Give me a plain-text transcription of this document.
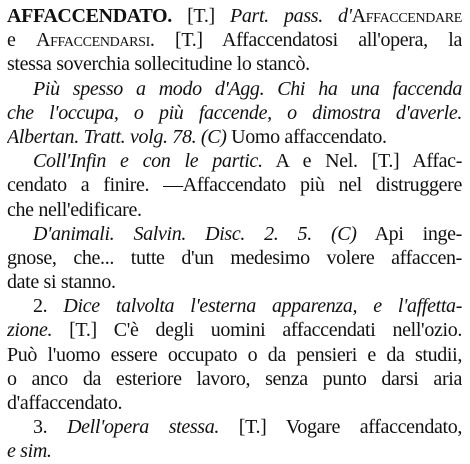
AFFACCENDATO. [T.] Part. pass. d'Affaccendare
e Affaccendarsi. [T.] Affaccendatosi all'opera, la
stessa soverchia sollecitudine lo stancò.
Più spesso a modo d'Agg. Chi ha una faccenda
che l'occupa, o più faccende, o dimostra d'averle.
Albertan. Tratt. volg. 78. (C) Uomo affaccendato.
Coll'Infin e con le partic. A e Nel. [T.] Affac-
cendato a finire. —Affaccendato più nel distruggere
che nell'edificare.
D'animali. Salvin. Disc. 2. 5. (C) Api inge-
gnose, che... tutte d'un medesimo volere affaccen-
date si stanno.
2. Dice talvolta l'esterna apparenza, e l'affetta-
zione. [T.] C'è degli uomini affaccendati nell'ozio.
Può l'uomo essere occupato o da pensieri e da studii,
o anco da esteriore lavoro, senza punto darsi aria
d'affaccendato.
3. Dell'opera stessa. [T.] Vogare affaccendato,
e sim.
